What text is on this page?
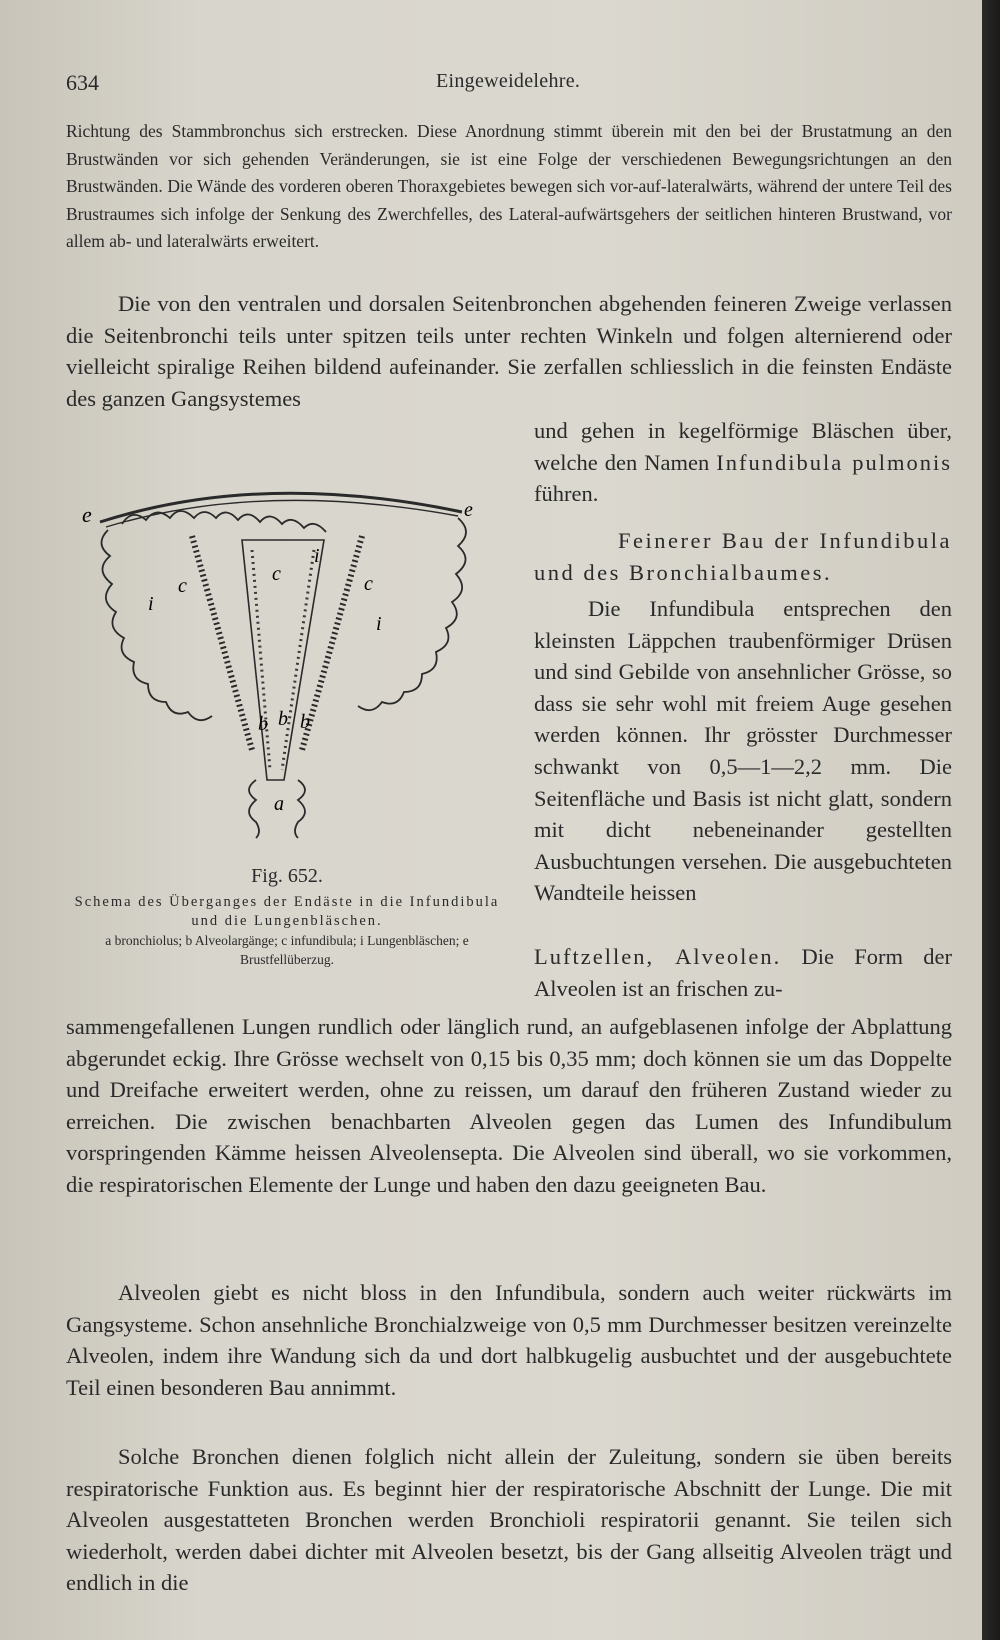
634	Eingeweidelehre.

Richtung des Stammbronchus sich erstrecken. Diese Anordnung stimmt überein mit den bei der Brustatmung an den Brustwänden vor sich gehenden Veränderungen, sie ist eine Folge der verschiedenen Bewegungsrichtungen an den Brustwänden. Die Wände des vorderen oberen Thoraxgebietes bewegen sich vor-auf-lateralwärts, während der untere Teil des Brustraumes sich infolge der Senkung des Zwerchfelles, des Lateral-aufwärtsgehers der seitlichen hinteren Brustwand, vor allem ab- und lateralwärts erweitert.

Die von den ventralen und dorsalen Seitenbronchen abgehenden feineren Zweige verlassen die Seitenbronchi teils unter spitzen teils unter rechten Winkeln und folgen alternierend oder vielleicht spiralige Reihen bildend aufeinander. Sie zerfallen schliesslich in die feinsten Endäste des ganzen Gangsystemes

und gehen in kegelförmige Bläschen über, welche den Namen Infundibula pulmonis führen.

Feinerer Bau der Infundibula und des Bronchialbaumes.

Die Infundibula entsprechen den kleinsten Läppchen traubenförmiger Drüsen und sind Gebilde von ansehnlicher Grösse, so dass sie sehr wohl mit freiem Auge gesehen werden können. Ihr grösster Durchmesser schwankt von 0,5—1—2,2 mm. Die Seitenfläche und Basis ist nicht glatt, sondern mit dicht nebeneinander gestellten Ausbuchtungen versehen. Die ausgebuchteten Wandteile heissen

Luftzellen, Alveolen. Die Form der Alveolen ist an frischen zu-

e	e
c
c	c
i
i
i
b b b
a
Fig. 652.
Schema des Überganges der Endäste in die Infundibula und die Lungenbläschen.
a bronchiolus; b Alveolargänge; c infundibula; i Lungenbläschen; e Brustfellüberzug.

sammengefallenen Lungen rundlich oder länglich rund, an aufgeblasenen infolge der Abplattung abgerundet eckig. Ihre Grösse wechselt von 0,15 bis 0,35 mm; doch können sie um das Doppelte und Dreifache erweitert werden, ohne zu reissen, um darauf den früheren Zustand wieder zu erreichen. Die zwischen benachbarten Alveolen gegen das Lumen des Infundibulum vorspringenden Kämme heissen Alveolensepta. Die Alveolen sind überall, wo sie vorkommen, die respiratorischen Elemente der Lunge und haben den dazu geeigneten Bau.

Alveolen giebt es nicht bloss in den Infundibula, sondern auch weiter rückwärts im Gangsysteme. Schon ansehnliche Bronchialzweige von 0,5 mm Durchmesser besitzen vereinzelte Alveolen, indem ihre Wandung sich da und dort halbkugelig ausbuchtet und der ausgebuchtete Teil einen besonderen Bau annimmt.

Solche Bronchen dienen folglich nicht allein der Zuleitung, sondern sie üben bereits respiratorische Funktion aus. Es beginnt hier der respiratorische Abschnitt der Lunge. Die mit Alveolen ausgestatteten Bronchen werden Bronchioli respiratorii genannt. Sie teilen sich wiederholt, werden dabei dichter mit Alveolen besetzt, bis der Gang allseitig Alveolen trägt und endlich in die
